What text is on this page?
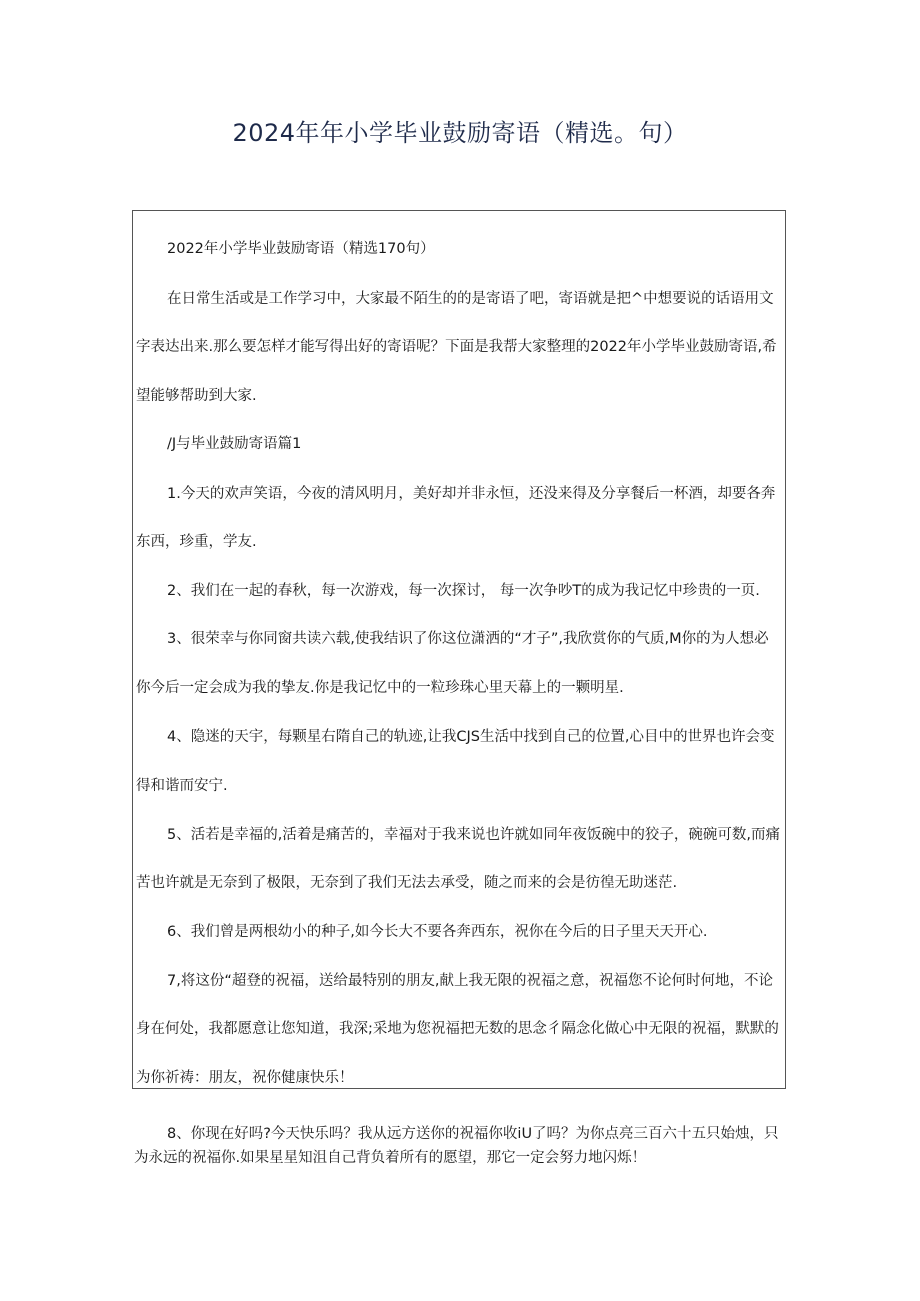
2024年年小学毕业鼓励寄语（精选。句）

2022年小学毕业鼓励寄语（精选170句）

在日常生活或是工作学习中，大家最不陌生的的是寄语了吧，寄语就是把^中想要说的话语用文

字表达出来.那么要怎样才能写得出好的寄语呢？下面是我帮大家整理的2022年小学毕业鼓励寄语,希

望能够帮助到大家.

/J与毕业鼓励寄语篇1

1.今天的欢声笑语，今夜的清风明月，美好却并非永恒，还没来得及分享餐后一杯酒，却要各奔

东西，珍重，学友.

2、我们在一起的春秋，每一次游戏，每一次探讨， 每一次争吵T的成为我记忆中珍贵的一页.

3、很荣幸与你同窗共读六载,使我结识了你这位潇洒的“才子”,我欣赏你的气质,M你的为人想必

你今后一定会成为我的挚友.你是我记忆中的一粒珍珠心里天幕上的一颗明星.

4、隐迷的天宇，每颗星右隋自己的轨迹,让我CJS生活中找到自己的位置,心目中的世界也许会变

得和谐而安宁.

5、活若是幸福的,活着是痛苦的，幸福对于我来说也许就如同年夜饭碗中的狡子，碗碗可数,而痛

苦也许就是无奈到了极限，无奈到了我们无法去承受，随之而来的会是彷徨无助迷茫.

6、我们曾是两根幼小的种子,如今长大不要各奔西东，祝你在今后的日子里天天开心.

7,将这份“超登的祝福，送给最特别的朋友,献上我无限的祝福之意，祝福您不论何时何地，不论

身在何处，我都愿意让您知道，我深;采地为您祝福把无数的思念彳隔念化做心中无限的祝福，默默的

为你祈祷：朋友，祝你健康快乐！

8、你现在好吗?今天快乐吗？我从远方送你的祝福你收iU了吗？为你点亮三百六十五只始烛，只

为永远的祝福你.如果星星知沮自己背负着所有的愿望，那它一定会努力地闪烁！
